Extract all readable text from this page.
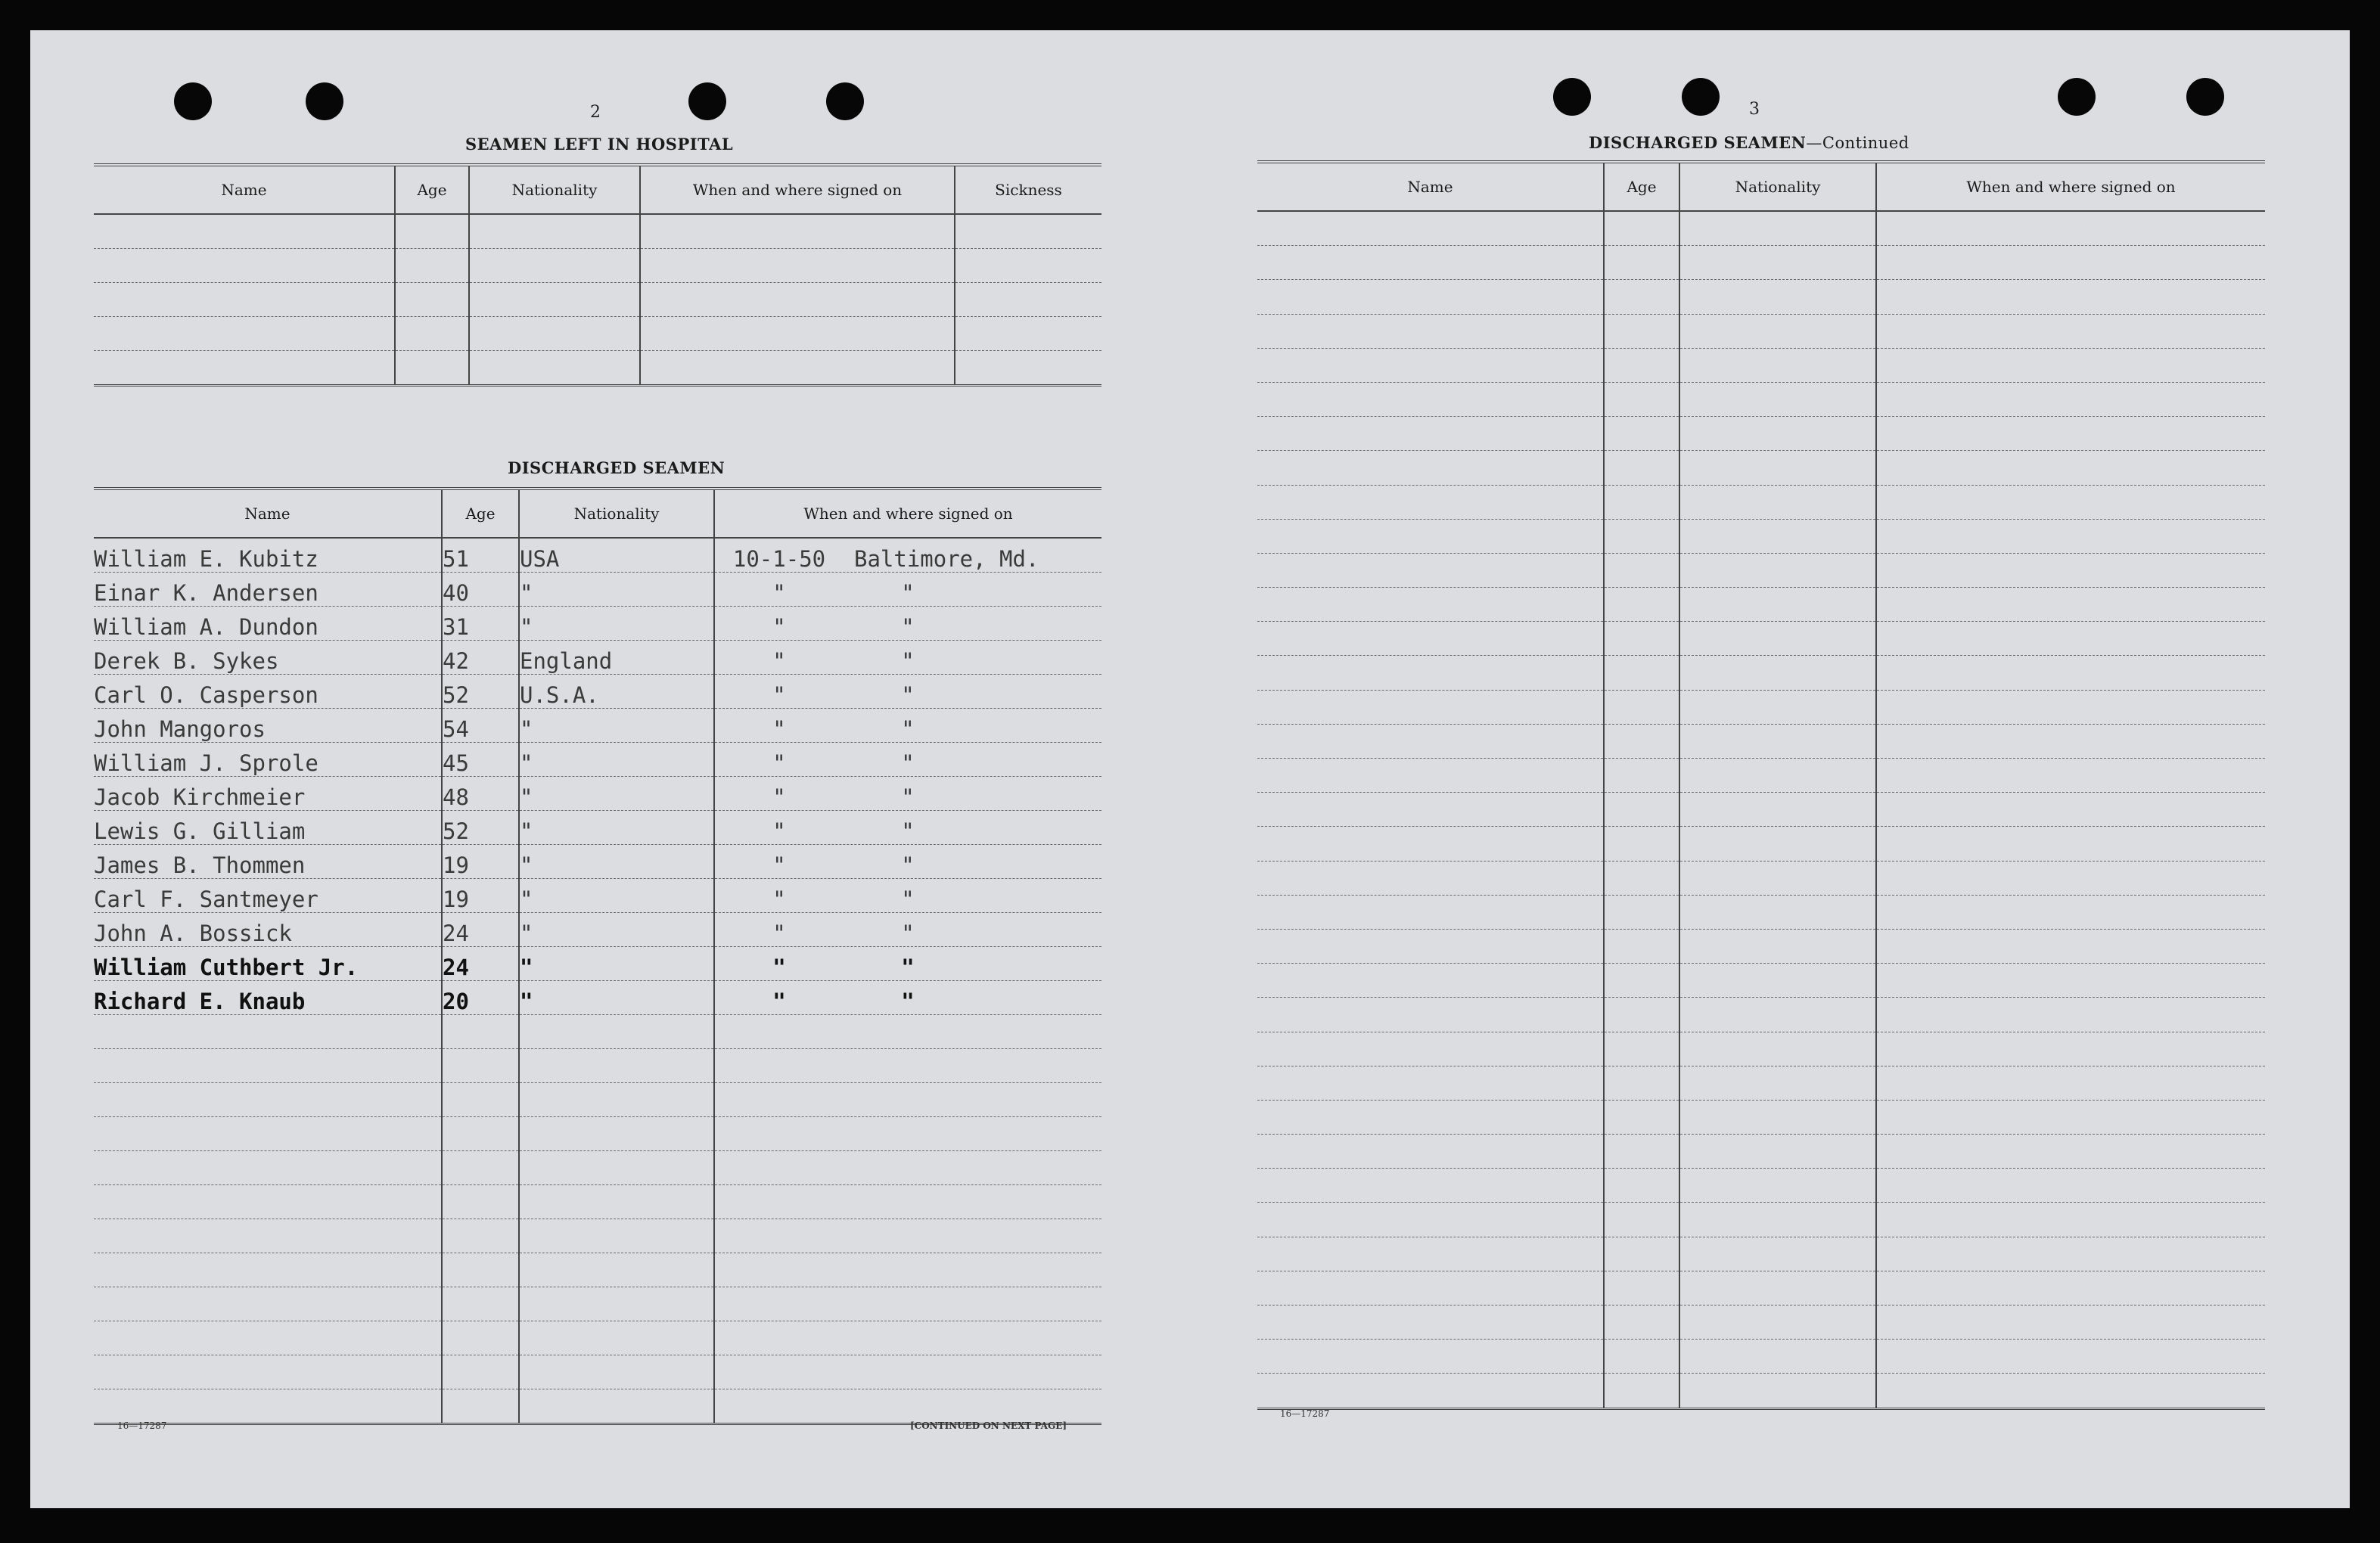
2
SEAMEN LEFT IN HOSPITAL
Name	Age	Nationality	When and where signed on	Sickness

DISCHARGED SEAMEN
Name	Age	Nationality	When and where signed on
William E. Kubitz	51	USA	10-1-50 Baltimore, Md.
Einar K. Andersen	40	"	" "
William A. Dundon	31	"	" "
Derek B. Sykes	42	England	" "
Carl O. Casperson	52	U.S.A.	" "
John Mangoros	54	"	" "
William J. Sprole	45	"	" "
Jacob Kirchmeier	48	"	" "
Lewis G. Gilliam	52	"	" "
James B. Thommen	19	"	" "
Carl F. Santmeyer	19	"	" "
John A. Bossick	24	"	" "
William Cuthbert Jr.	24	"	" "
Richard E. Knaub	20	"	" "

16—17287	[CONTINUED ON NEXT PAGE]
3
DISCHARGED SEAMEN—Continued
Name	Age	Nationality	When and where signed on

16—17287
